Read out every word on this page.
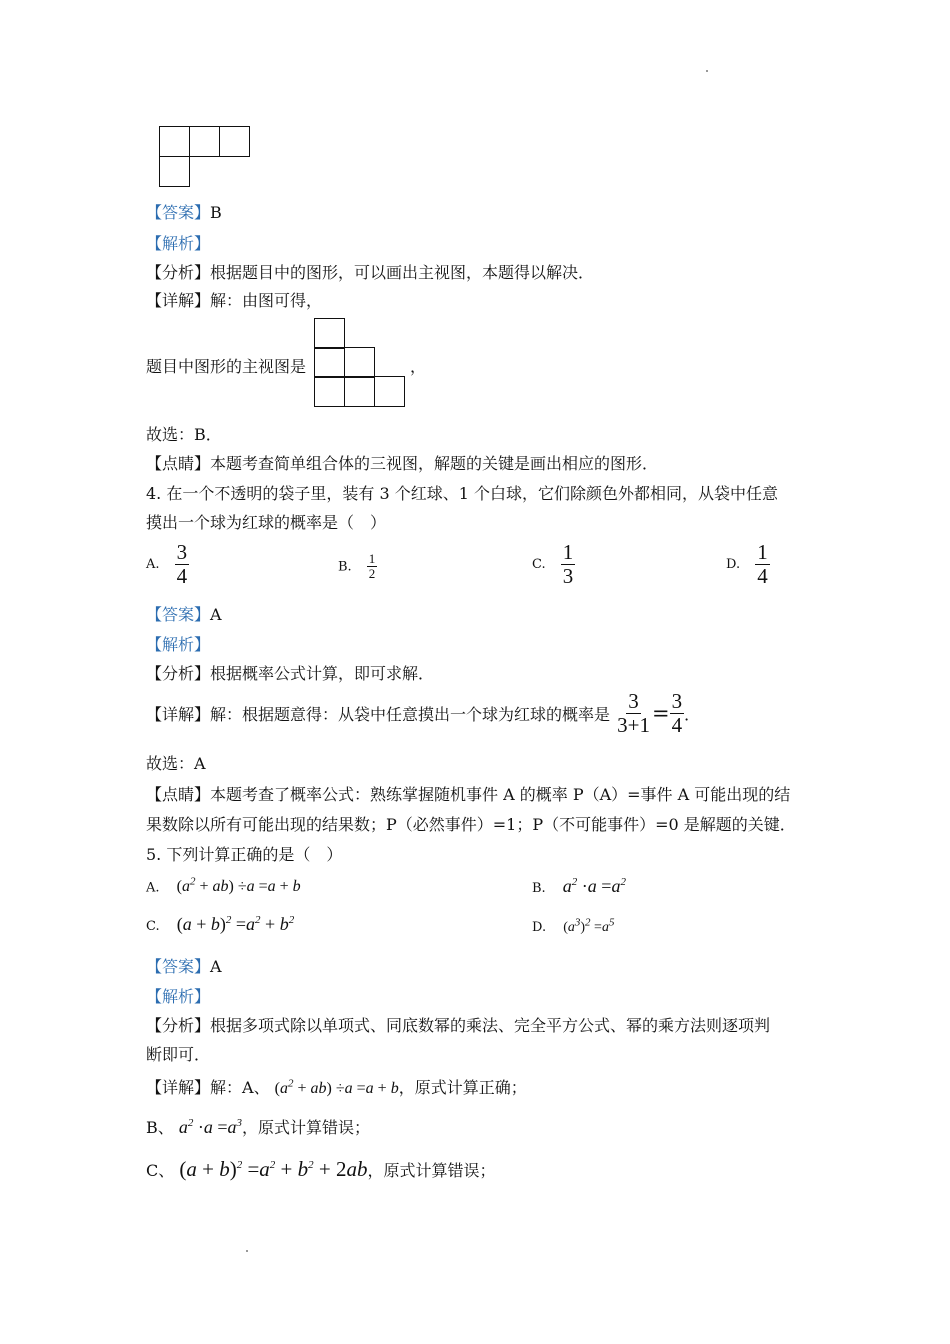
【答案】B
【解析】
【分析】根据题目中的图形，可以画出主视图，本题得以解决．
【详解】解：由图可得，
题目中图形的主视图是	，
故选：B．
【点睛】本题考查简单组合体的三视图，解题的关键是画出相应的图形．
4. 在一个不透明的袋子里，装有 3 个红球、1 个白球，它们除颜色外都相同，从袋中任意
摸出一个球为红球的概率是（　）
A. $\frac{3}{4}$	B. $\frac{1}{2}$	C. $\frac{1}{3}$	D. $\frac{1}{4}$
【答案】A
【解析】
【分析】根据概率公式计算，即可求解．
【详解】解：根据题意得：从袋中任意摸出一个球为红球的概率是 $\frac{3}{3+1} = \frac{3}{4}$ ．
故选：A
【点睛】本题考查了概率公式：熟练掌握随机事件 A 的概率 P（A）=事件 A 可能出现的结
果数除以所有可能出现的结果数；P（必然事件）=1；P（不可能事件）=0 是解题的关键．
5. 下列计算正确的是（　）
A. $(a^2 + ab) \div a =a + b$	B. $a^2 \cdot a =a^2$
C. $(a + b)^2 =a^2 + b^2$	D. $(a^3)^2 =a^5$
【答案】A
【解析】
【分析】根据多项式除以单项式、同底数幂的乘法、完全平方公式、幂的乘方法则逐项判
断即可．
【详解】解：A、 $(a^2 + ab) \div a =a + b$，原式计算正确；
B、 $a^2 \cdot a =a^3$，原式计算错误；
C、 $(a + b)^2 =a^2 + b^2 + 2ab$，原式计算错误；
